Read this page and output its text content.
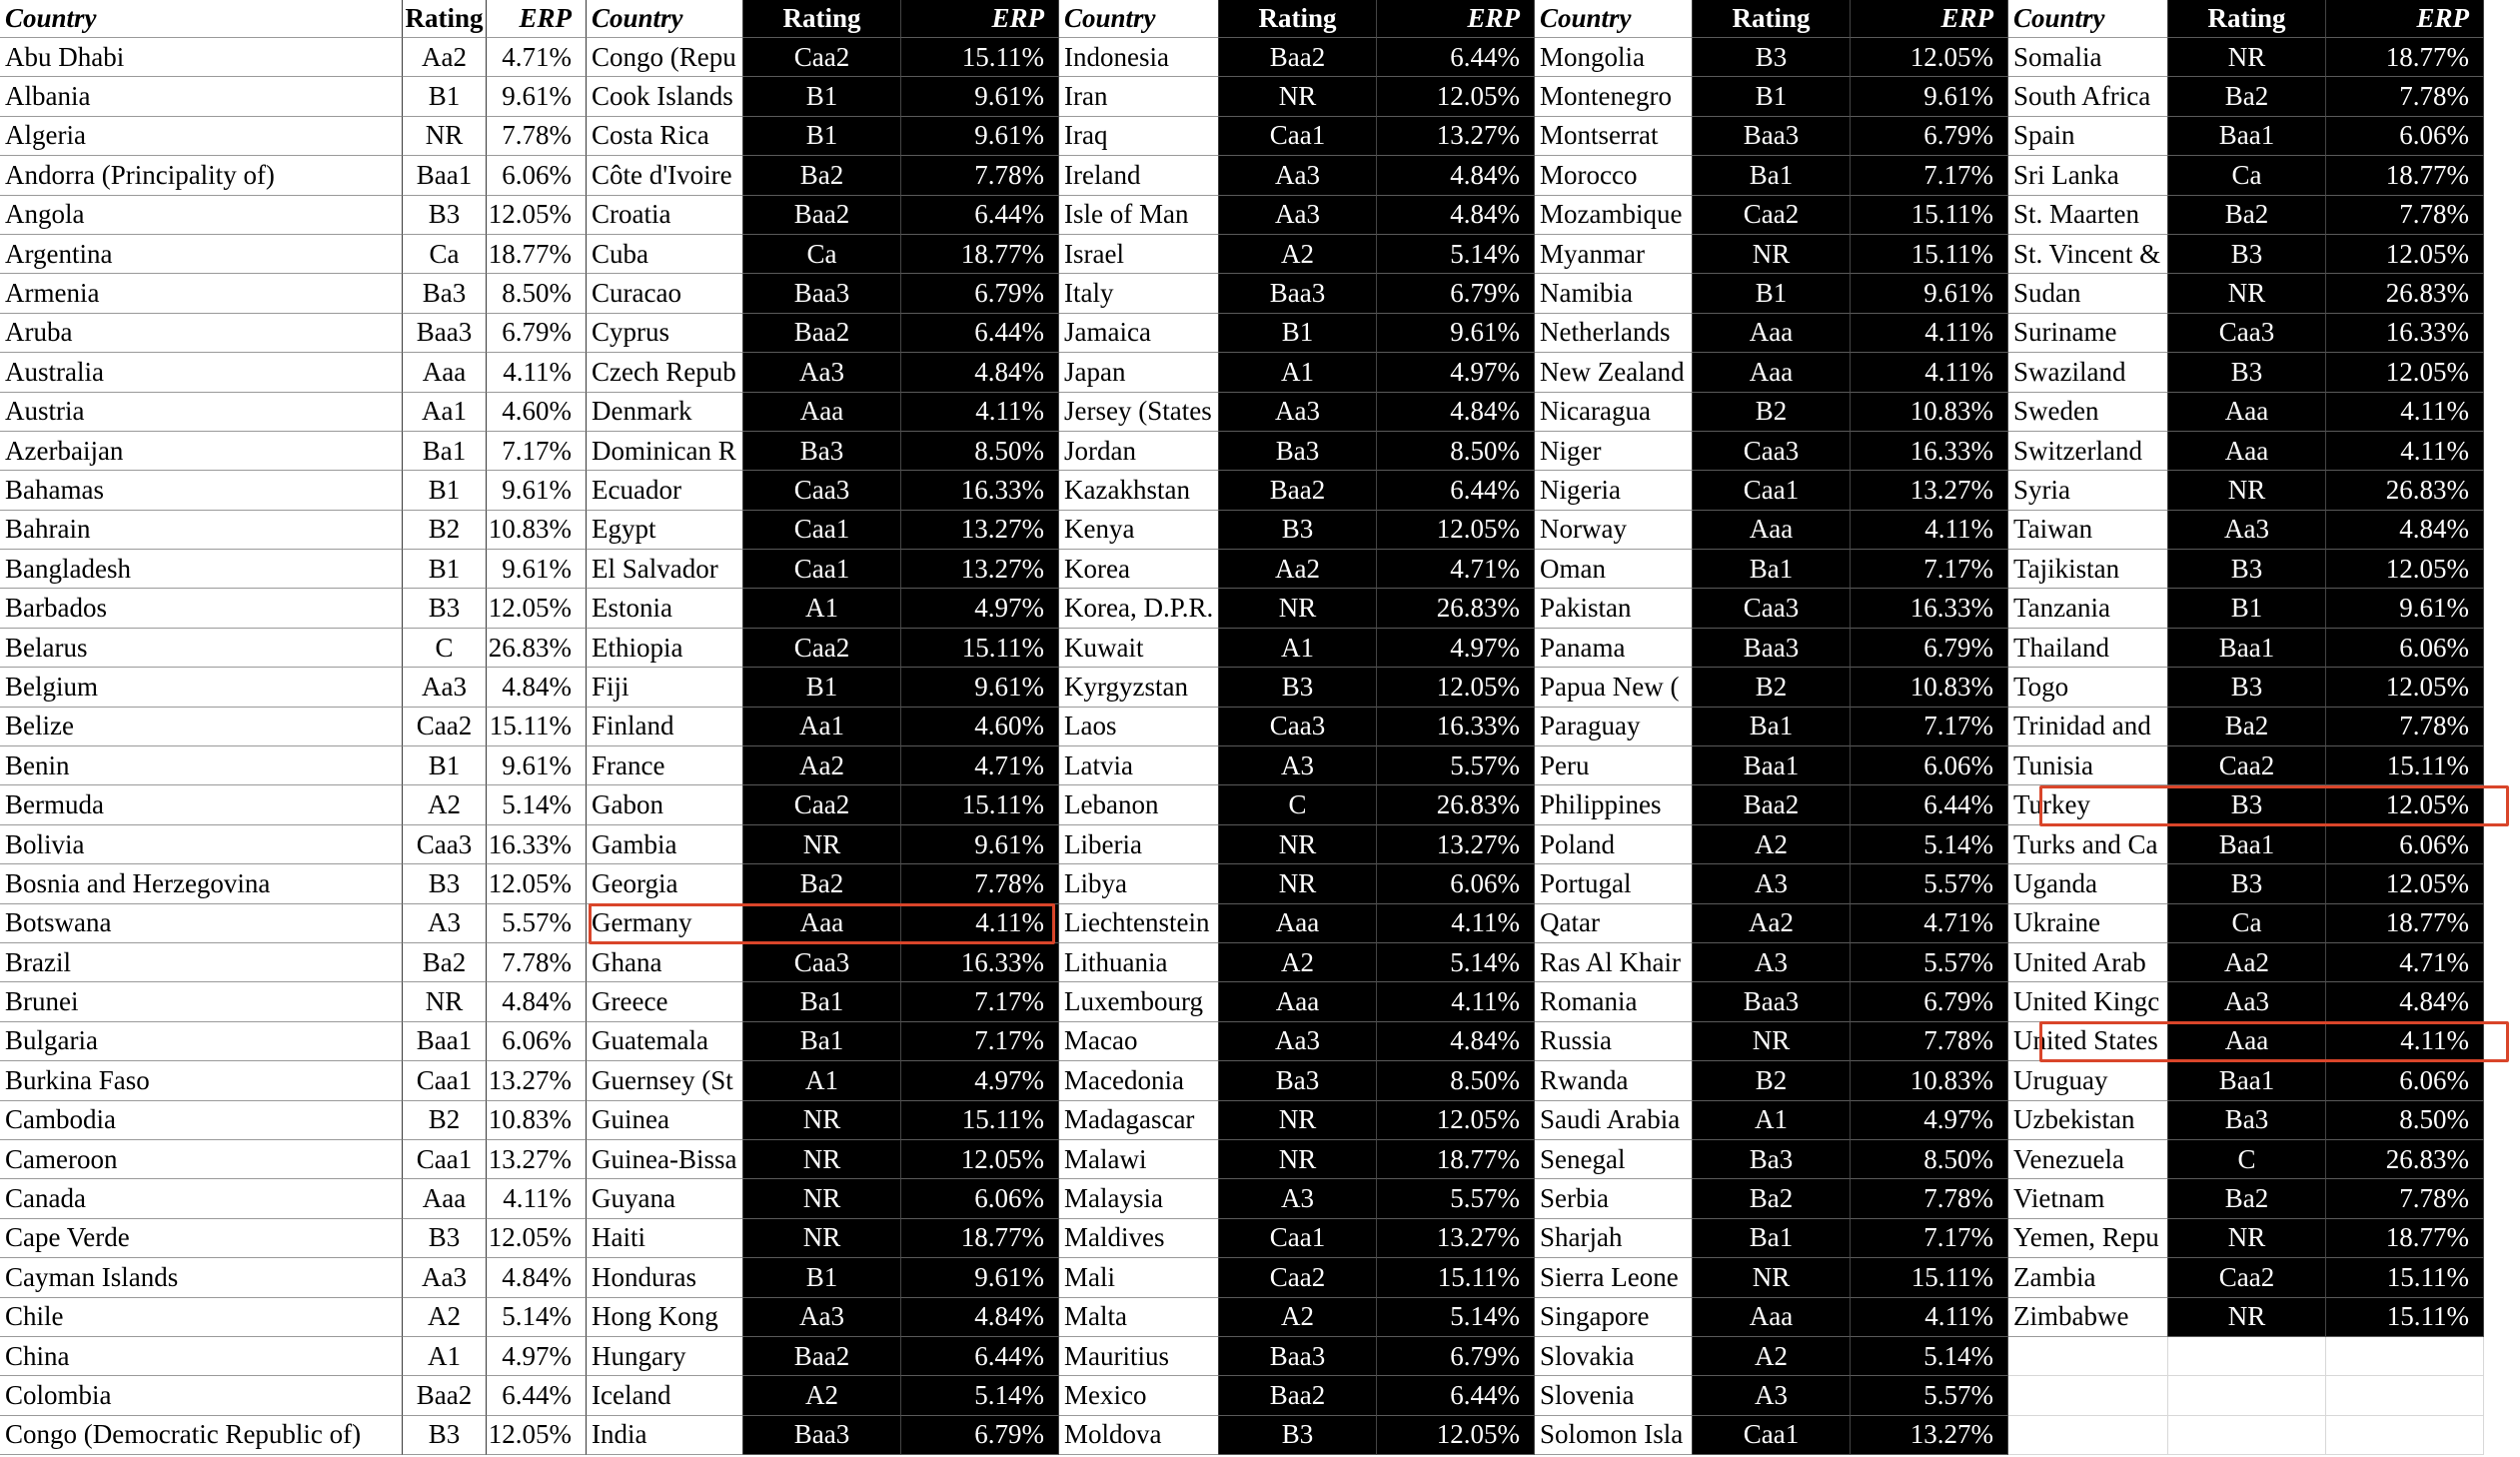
Country	Rating	ERP Country	Rating	ERP Country	Rating	ERP Country	Rating	ERP Country	Rating	ERP
Abu Dhabi	Aa2	4.71% Congo (Repu	Caa2	15.11% Indonesia	Baa2	6.44% Mongolia	B3	12.05% Somalia	NR	18.77%
Albania	B1	9.61% Cook Islands	B1	9.61% Iran	NR	12.05% Montenegro	B1	9.61% South Africa	Ba2	7.78%
Algeria	NR	7.78% Costa Rica	B1	9.61% Iraq	Caa1	13.27% Montserrat	Baa3	6.79% Spain	Baa1	6.06%
Andorra (Principality of)	Baa1	6.06% Côte d'Ivoire	Ba2	7.78% Ireland	Aa3	4.84% Morocco	Ba1	7.17% Sri Lanka	Ca	18.77%
Angola	B3	12.05% Croatia	Baa2	6.44% Isle of Man	Aa3	4.84% Mozambique	Caa2	15.11% St. Maarten	Ba2	7.78%
Argentina	Ca	18.77% Cuba	Ca	18.77% Israel	A2	5.14% Myanmar	NR	15.11% St. Vincent &	B3	12.05%
Armenia	Ba3	8.50% Curacao	Baa3	6.79% Italy	Baa3	6.79% Namibia	B1	9.61% Sudan	NR	26.83%
Aruba	Baa3	6.79% Cyprus	Baa2	6.44% Jamaica	B1	9.61% Netherlands	Aaa	4.11% Suriname	Caa3	16.33%
Australia	Aaa	4.11% Czech Repub	Aa3	4.84% Japan	A1	4.97% New Zealand	Aaa	4.11% Swaziland	B3	12.05%
Austria	Aa1	4.60% Denmark	Aaa	4.11% Jersey (States	Aa3	4.84% Nicaragua	B2	10.83% Sweden	Aaa	4.11%
Azerbaijan	Ba1	7.17% Dominican R	Ba3	8.50% Jordan	Ba3	8.50% Niger	Caa3	16.33% Switzerland	Aaa	4.11%
Bahamas	B1	9.61% Ecuador	Caa3	16.33% Kazakhstan	Baa2	6.44% Nigeria	Caa1	13.27% Syria	NR	26.83%
Bahrain	B2	10.83% Egypt	Caa1	13.27% Kenya	B3	12.05% Norway	Aaa	4.11% Taiwan	Aa3	4.84%
Bangladesh	B1	9.61% El Salvador	Caa1	13.27% Korea	Aa2	4.71% Oman	Ba1	7.17% Tajikistan	B3	12.05%
Barbados	B3	12.05% Estonia	A1	4.97% Korea, D.P.R.	NR	26.83% Pakistan	Caa3	16.33% Tanzania	B1	9.61%
Belarus	C	26.83% Ethiopia	Caa2	15.11% Kuwait	A1	4.97% Panama	Baa3	6.79% Thailand	Baa1	6.06%
Belgium	Aa3	4.84% Fiji	B1	9.61% Kyrgyzstan	B3	12.05% Papua New (	B2	10.83% Togo	B3	12.05%
Belize	Caa2 15.11% Finland	Aa1	4.60% Laos	Caa3	16.33% Paraguay	Ba1	7.17% Trinidad and	Ba2	7.78%
Benin	B1	9.61% France	Aa2	4.71% Latvia	A3	5.57% Peru	Baa1	6.06% Tunisia	Caa2	15.11%
Bermuda	A2	5.14% Gabon	Caa2	15.11% Lebanon	C	26.83% Philippines	Baa2	6.44% Turkey	B3	12.05%
Bolivia	Caa3 16.33% Gambia	NR	9.61% Liberia	NR	13.27% Poland	A2	5.14% Turks and Ca	Baa1	6.06%
Bosnia and Herzegovina	B3	12.05% Georgia	Ba2	7.78% Libya	NR	6.06% Portugal	A3	5.57% Uganda	B3	12.05%
Botswana	A3	5.57% Germany	Aaa	4.11% Liechtenstein	Aaa	4.11% Qatar	Aa2	4.71% Ukraine	Ca	18.77%
Brazil	Ba2	7.78% Ghana	Caa3	16.33% Lithuania	A2	5.14% Ras Al Khair	A3	5.57% United Arab	Aa2	4.71%
Brunei	NR	4.84% Greece	Ba1	7.17% Luxembourg	Aaa	4.11% Romania	Baa3	6.79% United Kingc	Aa3	4.84%
Bulgaria	Baa1	6.06% Guatemala	Ba1	7.17% Macao	Aa3	4.84% Russia	NR	7.78% United States	Aaa	4.11%
Burkina Faso	Caa1 13.27% Guernsey (St	A1	4.97% Macedonia	Ba3	8.50% Rwanda	B2	10.83% Uruguay	Baa1	6.06%
Cambodia	B2	10.83% Guinea	NR	15.11% Madagascar	NR	12.05% Saudi Arabia	A1	4.97% Uzbekistan	Ba3	8.50%
Cameroon	Caa1 13.27% Guinea-Bissa	NR	12.05% Malawi	NR	18.77% Senegal	Ba3	8.50% Venezuela	C	26.83%
Canada	Aaa	4.11% Guyana	NR	6.06% Malaysia	A3	5.57% Serbia	Ba2	7.78% Vietnam	Ba2	7.78%
Cape Verde	B3	12.05% Haiti	NR	18.77% Maldives	Caa1	13.27% Sharjah	Ba1	7.17% Yemen, Repu	NR	18.77%
Cayman Islands	Aa3	4.84% Honduras	B1	9.61% Mali	Caa2	15.11% Sierra Leone	NR	15.11% Zambia	Caa2	15.11%
Chile	A2	5.14% Hong Kong	Aa3	4.84% Malta	A2	5.14% Singapore	Aaa	4.11% Zimbabwe	NR	15.11%
China	A1	4.97% Hungary	Baa2	6.44% Mauritius	Baa3	6.79% Slovakia	A2	5.14%
Colombia	Baa2	6.44% Iceland	A2	5.14% Mexico	Baa2	6.44% Slovenia	A3	5.57%
Congo (Democratic Republic of)	B3	12.05% India	Baa3	6.79% Moldova	B3	12.05% Solomon Isla	Caa1	13.27%
